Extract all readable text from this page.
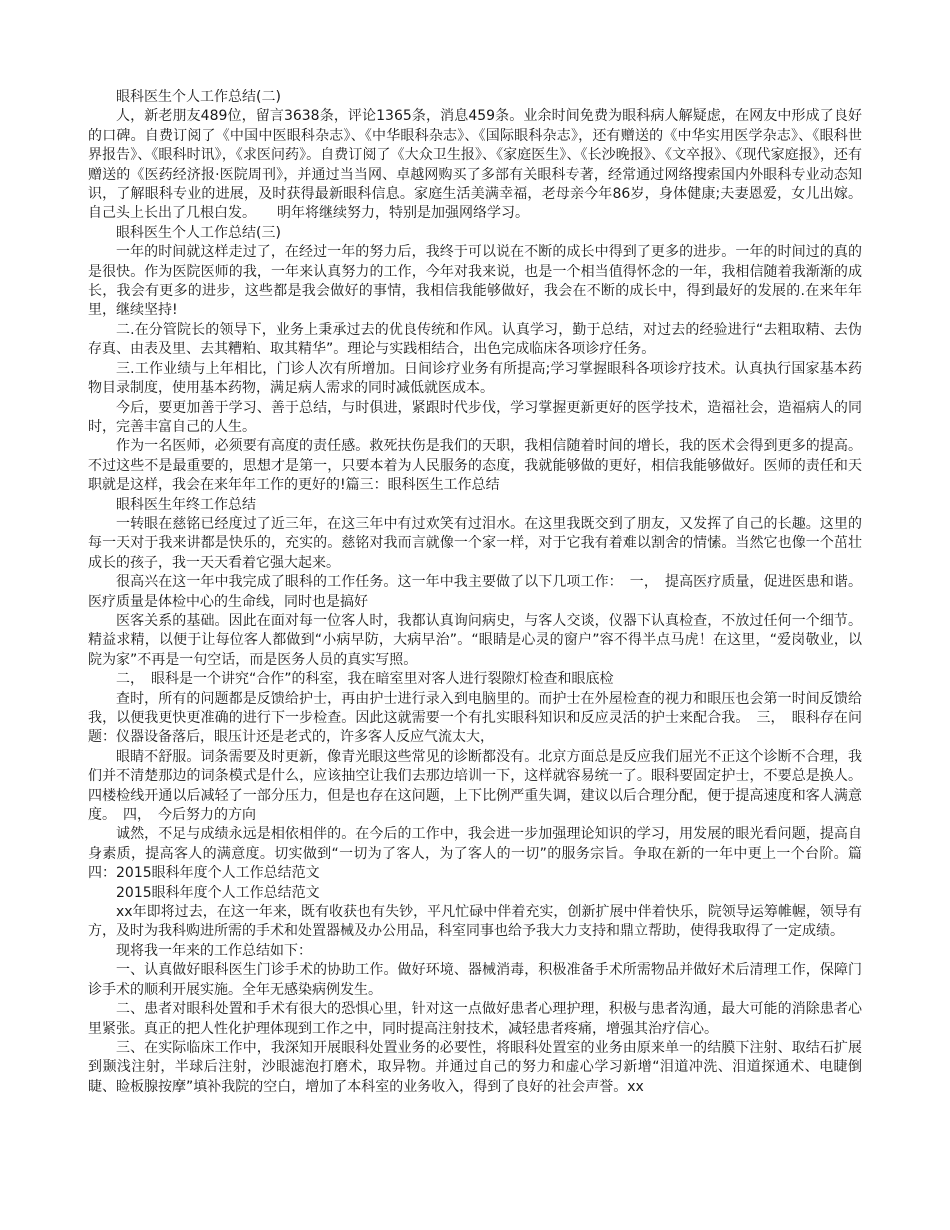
眼科医生个人工作总结(二)

人，新老朋友489位，留言3638条，评论1365条，消息459条。业余时间免费为眼科病人解疑虑，在网友中形成了良好的口碑。自费订阅了《中国中医眼科杂志》、《中华眼科杂志》、《国际眼科杂志》，还有赠送的《中华实用医学杂志》、《眼科世界报告》、《眼科时讯》，《求医问药》。自费订阅了《大众卫生报》、《家庭医生》、《长沙晚报》、《文卒报》、《现代家庭报》，还有赠送的《医药经济报·医院周刊》，并通过当当网、卓越网购买了多部有关眼科专著，经常通过网络搜索国内外眼科专业动态知识，了解眼科专业的进展，及时获得最新眼科信息。家庭生活美满幸福，老母亲今年86岁，身体健康;夫妻恩爱，女儿出嫁。自己头上长出了几根白发。　　明年将继续努力，特别是加强网络学习。

眼科医生个人工作总结(三)

一年的时间就这样走过了，在经过一年的努力后，我终于可以说在不断的成长中得到了更多的进步。一年的时间过的真的是很快。作为医院医师的我，一年来认真努力的工作，今年对我来说，也是一个相当值得怀念的一年，我相信随着我渐渐的成长，我会有更多的进步，这些都是我会做好的事情，我相信我能够做好，我会在不断的成长中，得到最好的发展的.在来年年里，继续坚持!

二.在分管院长的领导下，业务上秉承过去的优良传统和作风。认真学习，勤于总结，对过去的经验进行“去粗取精、去伪存真、由表及里、去其糟粕、取其精华”。理论与实践相结合，出色完成临床各项诊疗任务。

三.工作业绩与上年相比，门诊人次有所增加。日间诊疗业务有所提高;学习掌握眼科各项诊疗技术。认真执行国家基本药物目录制度，使用基本药物，满足病人需求的同时减低就医成本。

今后，要更加善于学习、善于总结，与时俱进，紧跟时代步伐，学习掌握更新更好的医学技术，造福社会，造福病人的同时，完善丰富自己的人生。

作为一名医师，必须要有高度的责任感。救死扶伤是我们的天职，我相信随着时间的增长，我的医术会得到更多的提高。不过这些不是最重要的，思想才是第一，只要本着为人民服务的态度，我就能够做的更好，相信我能够做好。医师的责任和天职就是这样，我会在来年年工作的更好的!篇三：眼科医生工作总结

眼科医生年终工作总结

一转眼在慈铭已经度过了近三年，在这三年中有过欢笑有过泪水。在这里我既交到了朋友，又发挥了自己的长趣。这里的每一天对于我来讲都是快乐的，充实的。慈铭对我而言就像一个家一样，对于它我有着难以割舍的情愫。当然它也像一个茁壮成长的孩子，我一天天看着它强大起来。

很高兴在这一年中我完成了眼科的工作任务。这一年中我主要做了以下几项工作：　一，　提高医疗质量，促进医患和谐。医疗质量是体检中心的生命线，同时也是搞好

医客关系的基础。因此在面对每一位客人时，我都认真询问病史，与客人交谈，仪器下认真检查，不放过任何一个细节。精益求精，以便于让每位客人都做到“小病早防，大病早治”。“眼睛是心灵的窗户”容不得半点马虎！在这里，“爱岗敬业，以院为家”不再是一句空话，而是医务人员的真实写照。

二，　眼科是一个讲究“合作”的科室，我在暗室里对客人进行裂隙灯检查和眼底检

查时，所有的问题都是反馈给护士，再由护士进行录入到电脑里的。而护士在外屋检查的视力和眼压也会第一时间反馈给我，以便我更快更准确的进行下一步检查。因此这就需要一个有扎实眼科知识和反应灵活的护士来配合我。　三，　眼科存在问题：仪器设备落后，眼压计还是老式的，许多客人反应气流太大，

眼睛不舒服。词条需要及时更新，像青光眼这些常见的诊断都没有。北京方面总是反应我们屈光不正这个诊断不合理，我们并不清楚那边的词条模式是什么，应该抽空让我们去那边培训一下，这样就容易统一了。眼科要固定护士，不要总是换人。四楼检线开通以后减轻了一部分压力，但是也存在这问题，上下比例严重失调，建议以后合理分配，便于提高速度和客人满意度。　四，　今后努力的方向

诚然，不足与成绩永远是相依相伴的。在今后的工作中，我会进一步加强理论知识的学习，用发展的眼光看问题，提高自身素质，提高客人的满意度。切实做到“一切为了客人，为了客人的一切”的服务宗旨。争取在新的一年中更上一个台阶。篇四：2015眼科年度个人工作总结范文

2015眼科年度个人工作总结范文

xx年即将过去，在这一年来，既有收获也有失钞，平凡忙碌中伴着充实，创新扩展中伴着快乐，院领导运筹帷幄，领导有方，及时为我科购进所需的手术和处置器械及办公用品，科室同事也给予我大力支持和鼎立帮助，使得我取得了一定成绩。

现将我一年来的工作总结如下：

一、认真做好眼科医生门诊手术的协助工作。做好环境、器械消毒，积极准备手术所需物品并做好术后清理工作，保障门诊手术的顺利开展实施。全年无感染病例发生。

二、患者对眼科处置和手术有很大的恐惧心里，针对这一点做好患者心理护理，积极与患者沟通，最大可能的消除患者心里紧张。真正的把人性化护理体现到工作之中，同时提高注射技术，减轻患者疼痛，增强其治疗信心。

三、在实际临床工作中，我深知开展眼科处置业务的必要性，将眼科处置室的业务由原来单一的结膜下注射、取结石扩展到颞浅注射，半球后注射，沙眼滤泡打磨术，取异物。并通过自己的努力和虚心学习新增“泪道冲洗、泪道探通术、电睫倒睫、睑板腺按摩”填补我院的空白，增加了本科室的业务收入，得到了良好的社会声誉。xx
